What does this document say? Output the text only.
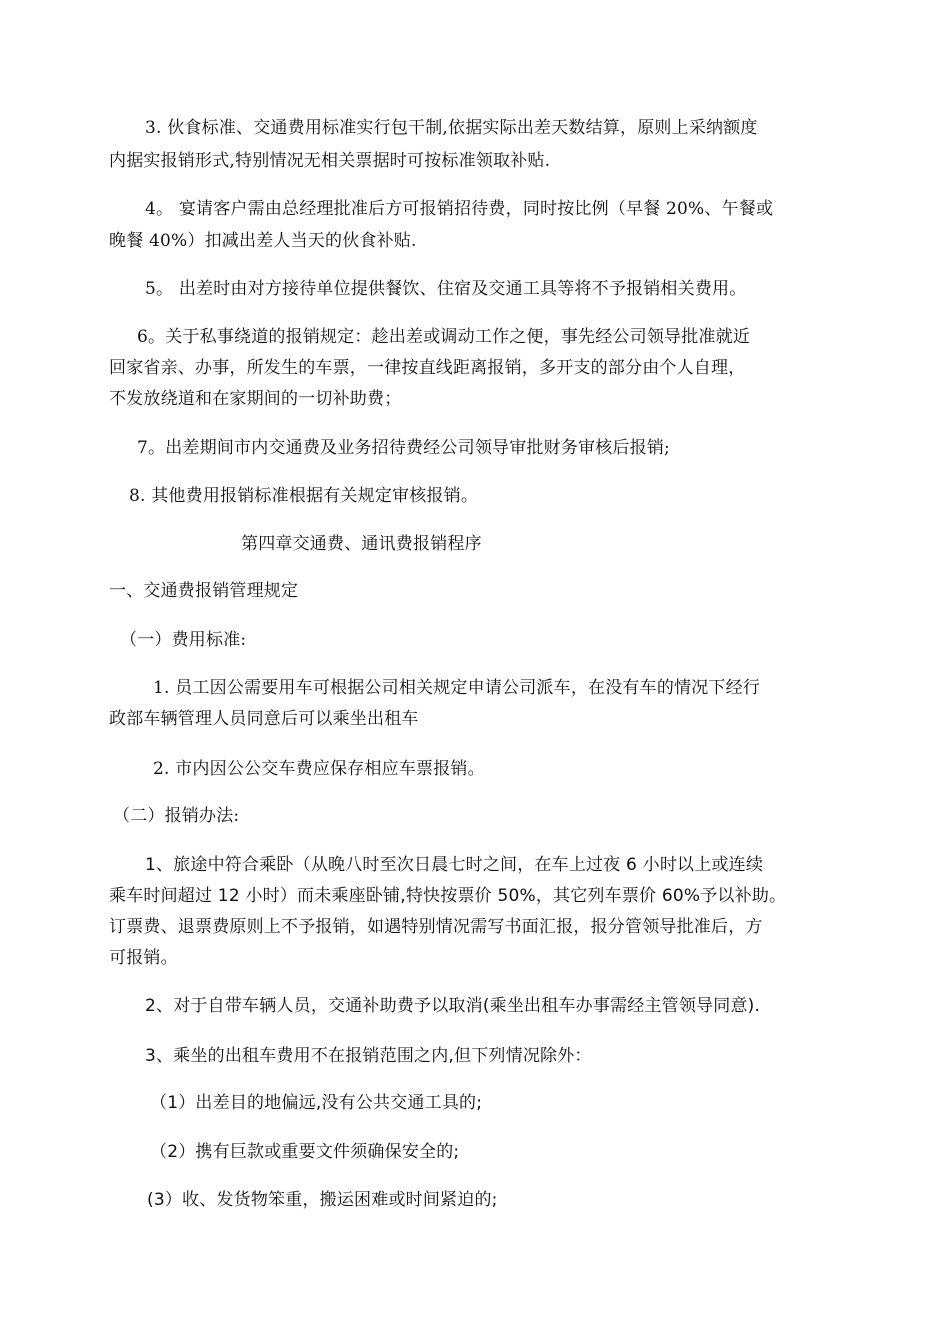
3. 伙食标准、交通费用标准实行包干制,依据实际出差天数结算，原则上采纳额度
内据实报销形式,特别情况无相关票据时可按标准领取补贴.
4。 宴请客户需由总经理批准后方可报销招待费，同时按比例（早餐 20%、午餐或
晚餐 40%）扣减出差人当天的伙食补贴.
5。 出差时由对方接待单位提供餐饮、住宿及交通工具等将不予报销相关费用。
6。关于私事绕道的报销规定：趁出差或调动工作之便，事先经公司领导批准就近
回家省亲、办事，所发生的车票，一律按直线距离报销，多开支的部分由个人自理，
不发放绕道和在家期间的一切补助费；
7。出差期间市内交通费及业务招待费经公司领导审批财务审核后报销;
8. 其他费用报销标准根据有关规定审核报销。
第四章交通费、通讯费报销程序
一、交通费报销管理规定
（一）费用标准:
1. 员工因公需要用车可根据公司相关规定申请公司派车，在没有车的情况下经行
政部车辆管理人员同意后可以乘坐出租车
2. 市内因公公交车费应保存相应车票报销。
（二）报销办法:
1、旅途中符合乘卧（从晚八时至次日晨七时之间，在车上过夜 6 小时以上或连续
乘车时间超过 12 小时）而未乘座卧铺,特快按票价 50%，其它列车票价 60%予以补助。
订票费、退票费原则上不予报销，如遇特别情况需写书面汇报，报分管领导批准后，方
可报销。
2、对于自带车辆人员，交通补助费予以取消(乘坐出租车办事需经主管领导同意).
3、乘坐的出租车费用不在报销范围之内,但下列情况除外：
（1）出差目的地偏远,没有公共交通工具的;
（2）携有巨款或重要文件须确保安全的;
(3）收、发货物笨重，搬运困难或时间紧迫的;
